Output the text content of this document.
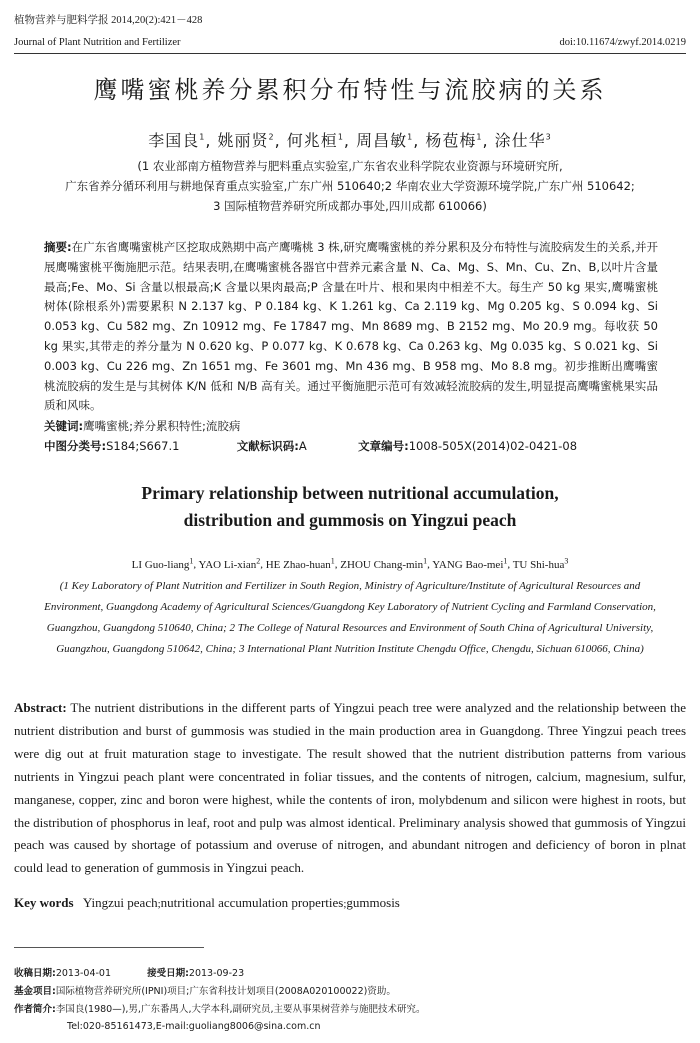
植物营养与肥料学报 2014,20(2):421－428
Journal of Plant Nutrition and Fertilizer	doi:10.11674/zwyf.2014.0219
鹰嘴蜜桃养分累积分布特性与流胶病的关系
李国良$^1$, 姚丽贤$^2$, 何兆桓$^1$, 周昌敏$^1$, 杨苞梅$^1$, 涂仕华$^3$
(1 农业部南方植物营养与肥料重点实验室,广东省农业科学院农业资源与环境研究所,
广东省养分循环利用与耕地保育重点实验室,广东广州 510640;2 华南农业大学资源环境学院,广东广州 510642;
3 国际植物营养研究所成都办事处,四川成都 610066)
摘要:在广东省鹰嘴蜜桃产区挖取成熟期中高产鹰嘴桃 3 株,研究鹰嘴蜜桃的养分累积及分布特性与流胶病发生的关系,并开展鹰嘴蜜桃平衡施肥示范。结果表明,在鹰嘴蜜桃各器官中营养元素含量 N、Ca、Mg、S、Mn、Cu、Zn、B,以叶片含量最高;Fe、Mo、Si 含量以根最高;K 含量以果肉最高;P 含量在叶片、根和果肉中相差不大。每生产 50 kg 果实,鹰嘴蜜桃树体(除根系外)需要累积 N 2.137 kg、P 0.184 kg、K 1.261 kg、Ca 2.119 kg、Mg 0.205 kg、S 0.094 kg、Si 0.053 kg、Cu 582 mg、Zn 10912 mg、Fe 17847 mg、Mn 8689 mg、B 2152 mg、Mo 20.9 mg。每收获 50 kg 果实,其带走的养分量为 N 0.620 kg、P 0.077 kg、K 0.678 kg、Ca 0.263 kg、Mg 0.035 kg、S 0.021 kg、Si 0.003 kg、Cu 226 mg、Zn 1651 mg、Fe 3601 mg、Mn 436 mg、B 958 mg、Mo 8.8 mg。初步推断出鹰嘴蜜桃流胶病的发生是与其树体 K/N 低和 N/B 高有关。通过平衡施肥示范可有效减轻流胶病的发生,明显提高鹰嘴蜜桃果实品质和风味。
关键词:鹰嘴蜜桃;养分累积特性;流胶病
中图分类号:S184;S667.1	文献标识码:A	文章编号:1008-505X(2014)02-0421-08
Primary relationship between nutritional accumulation,
distribution and gummosis on Yingzui peach
LI Guo-liang$^1$, YAO Li-xian$^2$, HE Zhao-huan$^1$, ZHOU Chang-$\min^1$, YANG Bao-mei$^1$, TU Shi-hua$^3$
(1 Key Laboratory of Plant Nutrition and Fertilizer in South Region, Ministry of Agriculture/Institute of Agricultural Resources and Environment, Guangdong Academy of Agricultural Sciences/Guangdong Key Laboratory of Nutrient Cycling and Farmland Conservation, Guangzhou, Guangdong 510640, China; 2 The College of Natural Resources and Environment of South China of Agricultural University, Guangzhou, Guangdong 510642, China; 3 International Plant Nutrition Institute Chengdu Office, Chengdu, Sichuan 610066, China)
Abstract: The nutrient distributions in the different parts of Yingzui peach tree were analyzed and the relationship between the nutrient distribution and burst of gummosis was studied in the main production area in Guangdong. Three Yingzui peach trees were dig out at fruit maturation stage to investigate. The result showed that the nutrient distribution patterns from various nutrients in Yingzui peach plant were concentrated in foliar tissues, and the contents of nitrogen, calcium, magnesium, sulfur, manganese, copper, zinc and boron were highest, while the contents of iron, molybdenum and silicon were highest in roots, but the distribution of phosphorus in leaf, root and pulp was almost identical. Preliminary analysis showed that gummosis of Yingzui peach was caused by shortage of potassium and overuse of nitrogen, and abundant nitrogen and deficiency of boron in plnat could lead to generation of gummosis in Yingzui peach.
Key words Yingzui peach;nutritional accumulation properties;gummosis
收稿日期:2013-04-01	接受日期:2013-09-23
基金项目:国际植物营养研究所(IPNI)项目;广东省科技计划项目(2008A020100022)资助。
作者简介:李国良(1980—),男,广东番禺人,大学本科,副研究员,主要从事果树营养与施肥技术研究。
Tel:020-85161473,E-mail:guoliang8006@sina.com.cn
